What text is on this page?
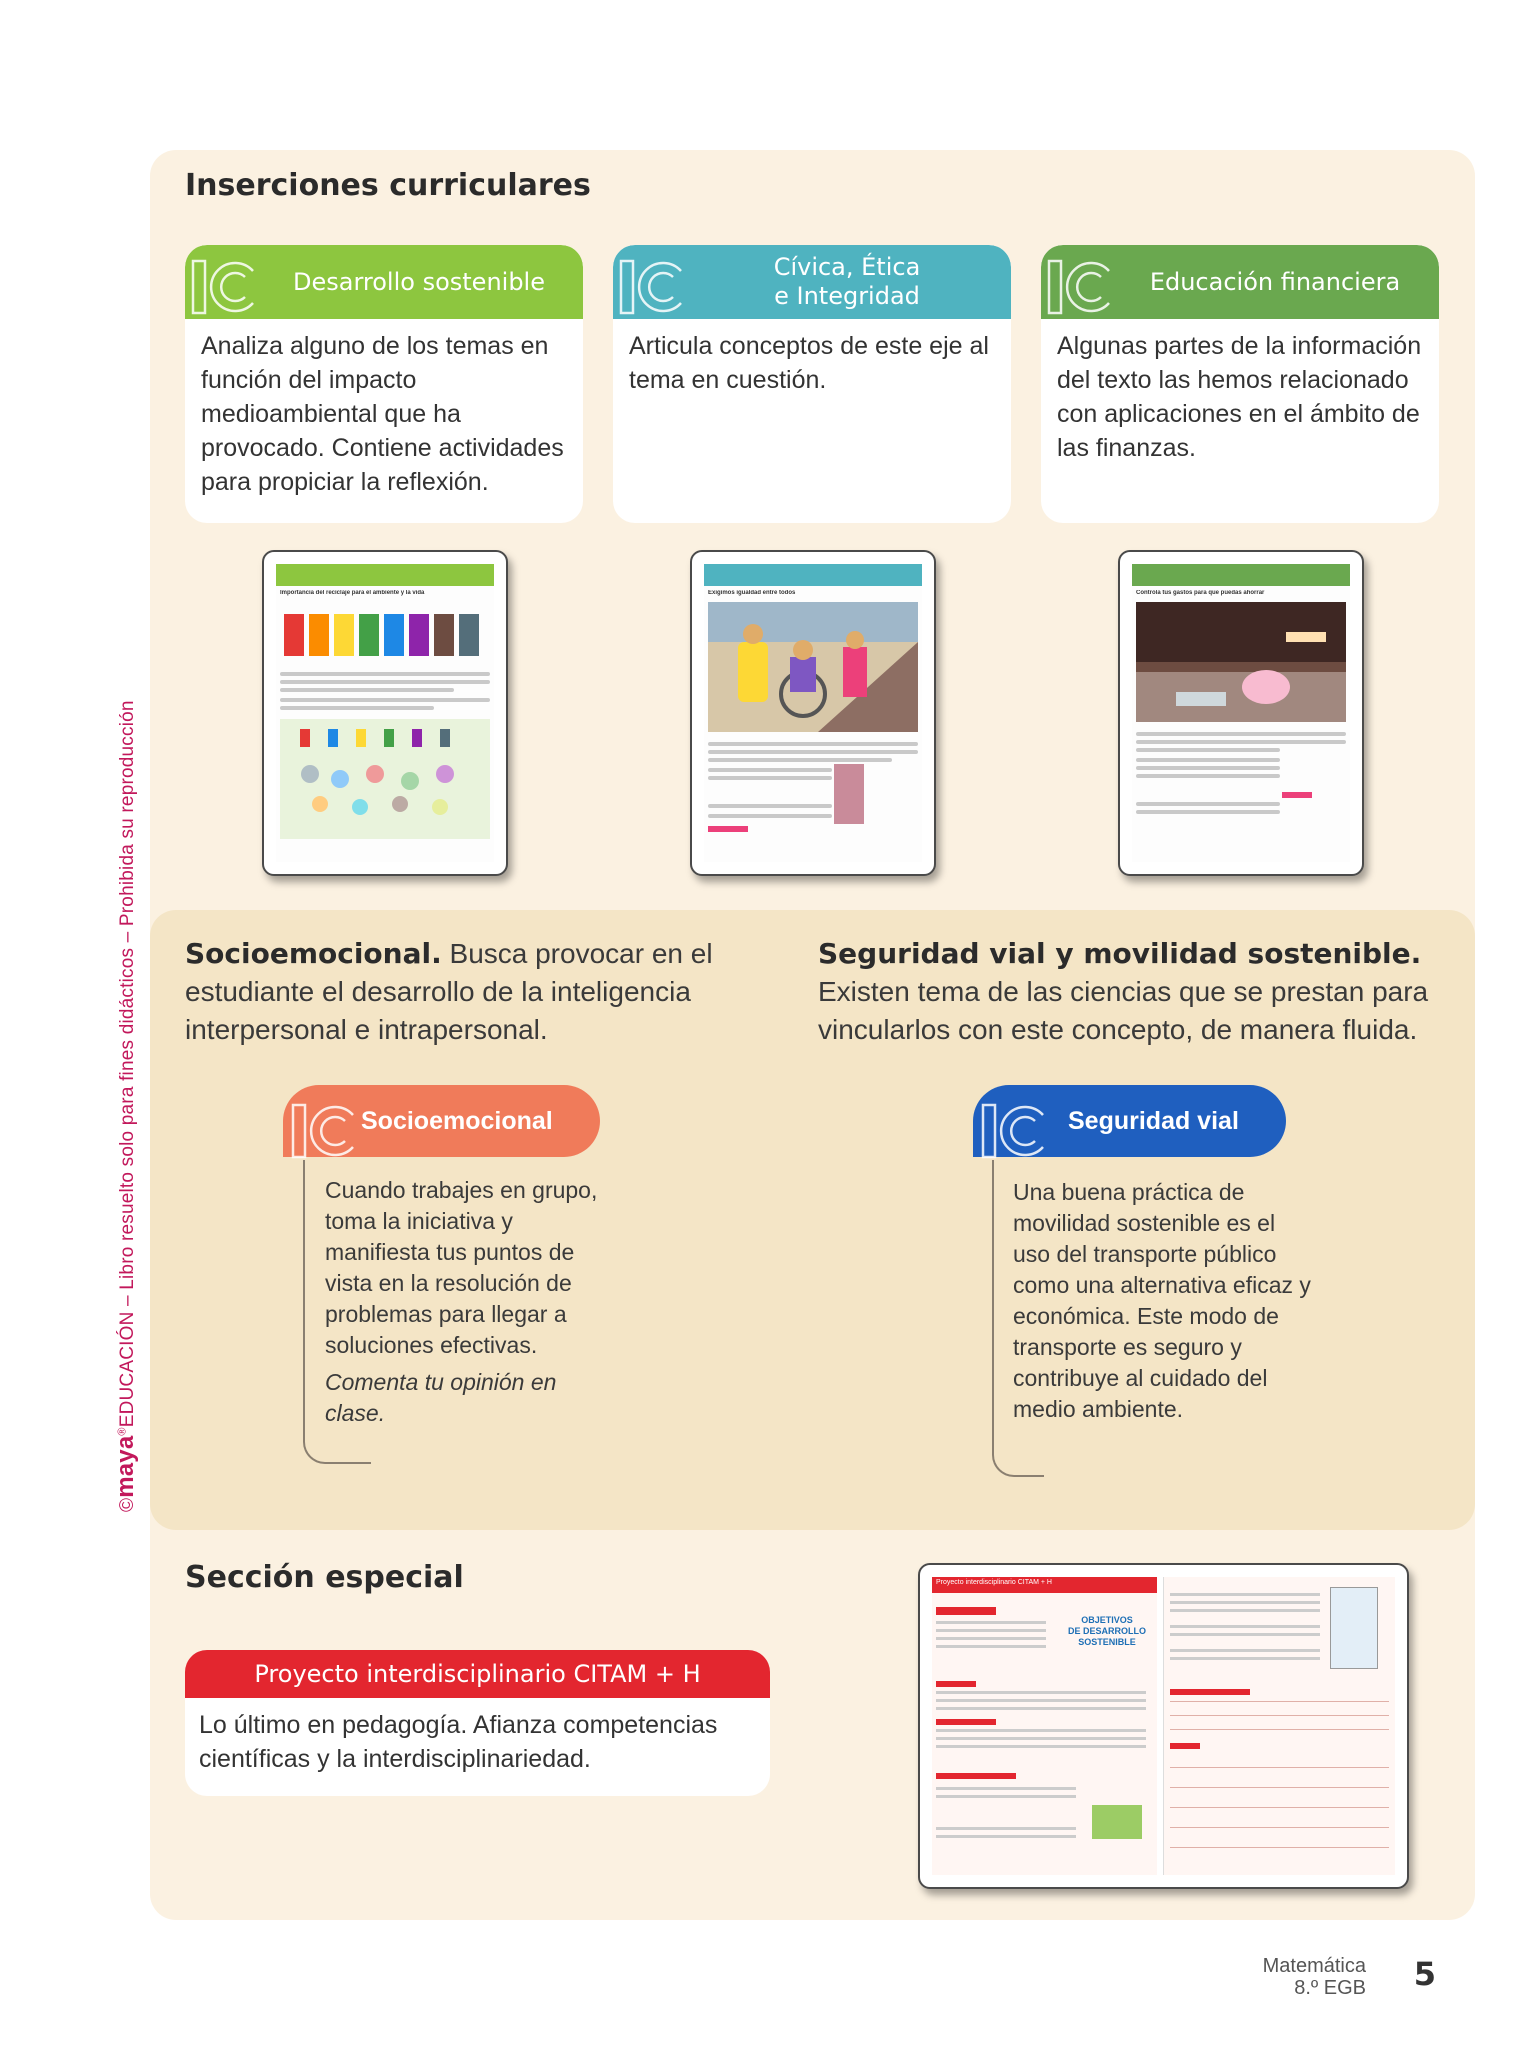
©maya®EDUCACIÓN – Libro resuelto solo para fines didácticos – Prohibida su reproducción
Inserciones curriculares
Desarrollo sostenible
Analiza alguno de los temas en función del impacto medioambiental que ha provocado. Contiene actividades para propiciar la reflexión.
Cívica, Ética
e Integridad
Articula conceptos de este eje al tema en cuestión.
Educación financiera
Algunas partes de la información del texto las hemos relacionado con aplicaciones en el ámbito de las finanzas.
Importancia del reciclaje para el ambiente y la vida	Exigimos igualdad entre todos	Controla tus gastos para que puedas ahorrar
Socioemocional. Busca provocar en el estudiante el desarrollo de la inteligencia interpersonal e intrapersonal.
Seguridad vial y movilidad sostenible. Existen tema de las ciencias que se prestan para vincularlos con este concepto, de manera fluida.
Socioemocional
Cuando trabajes en grupo, toma la iniciativa y manifiesta tus puntos de vista en la resolución de problemas para llegar a soluciones efectivas.
Comenta tu opinión en clase.
Seguridad vial
Una buena práctica de movilidad sostenible es el uso del transporte público como una alternativa eficaz y económica. Este modo de transporte es seguro y contribuye al cuidado del medio ambiente.
Sección especial
Proyecto interdisciplinario CITAM + H
Lo último en pedagogía. Afianza competencias científicas y la interdisciplinariedad.
Proyecto interdisciplinario CITAM + H
OBJETIVOS
DE DESARROLLO
SOSTENIBLE
Matemática
8.º EGB 5
